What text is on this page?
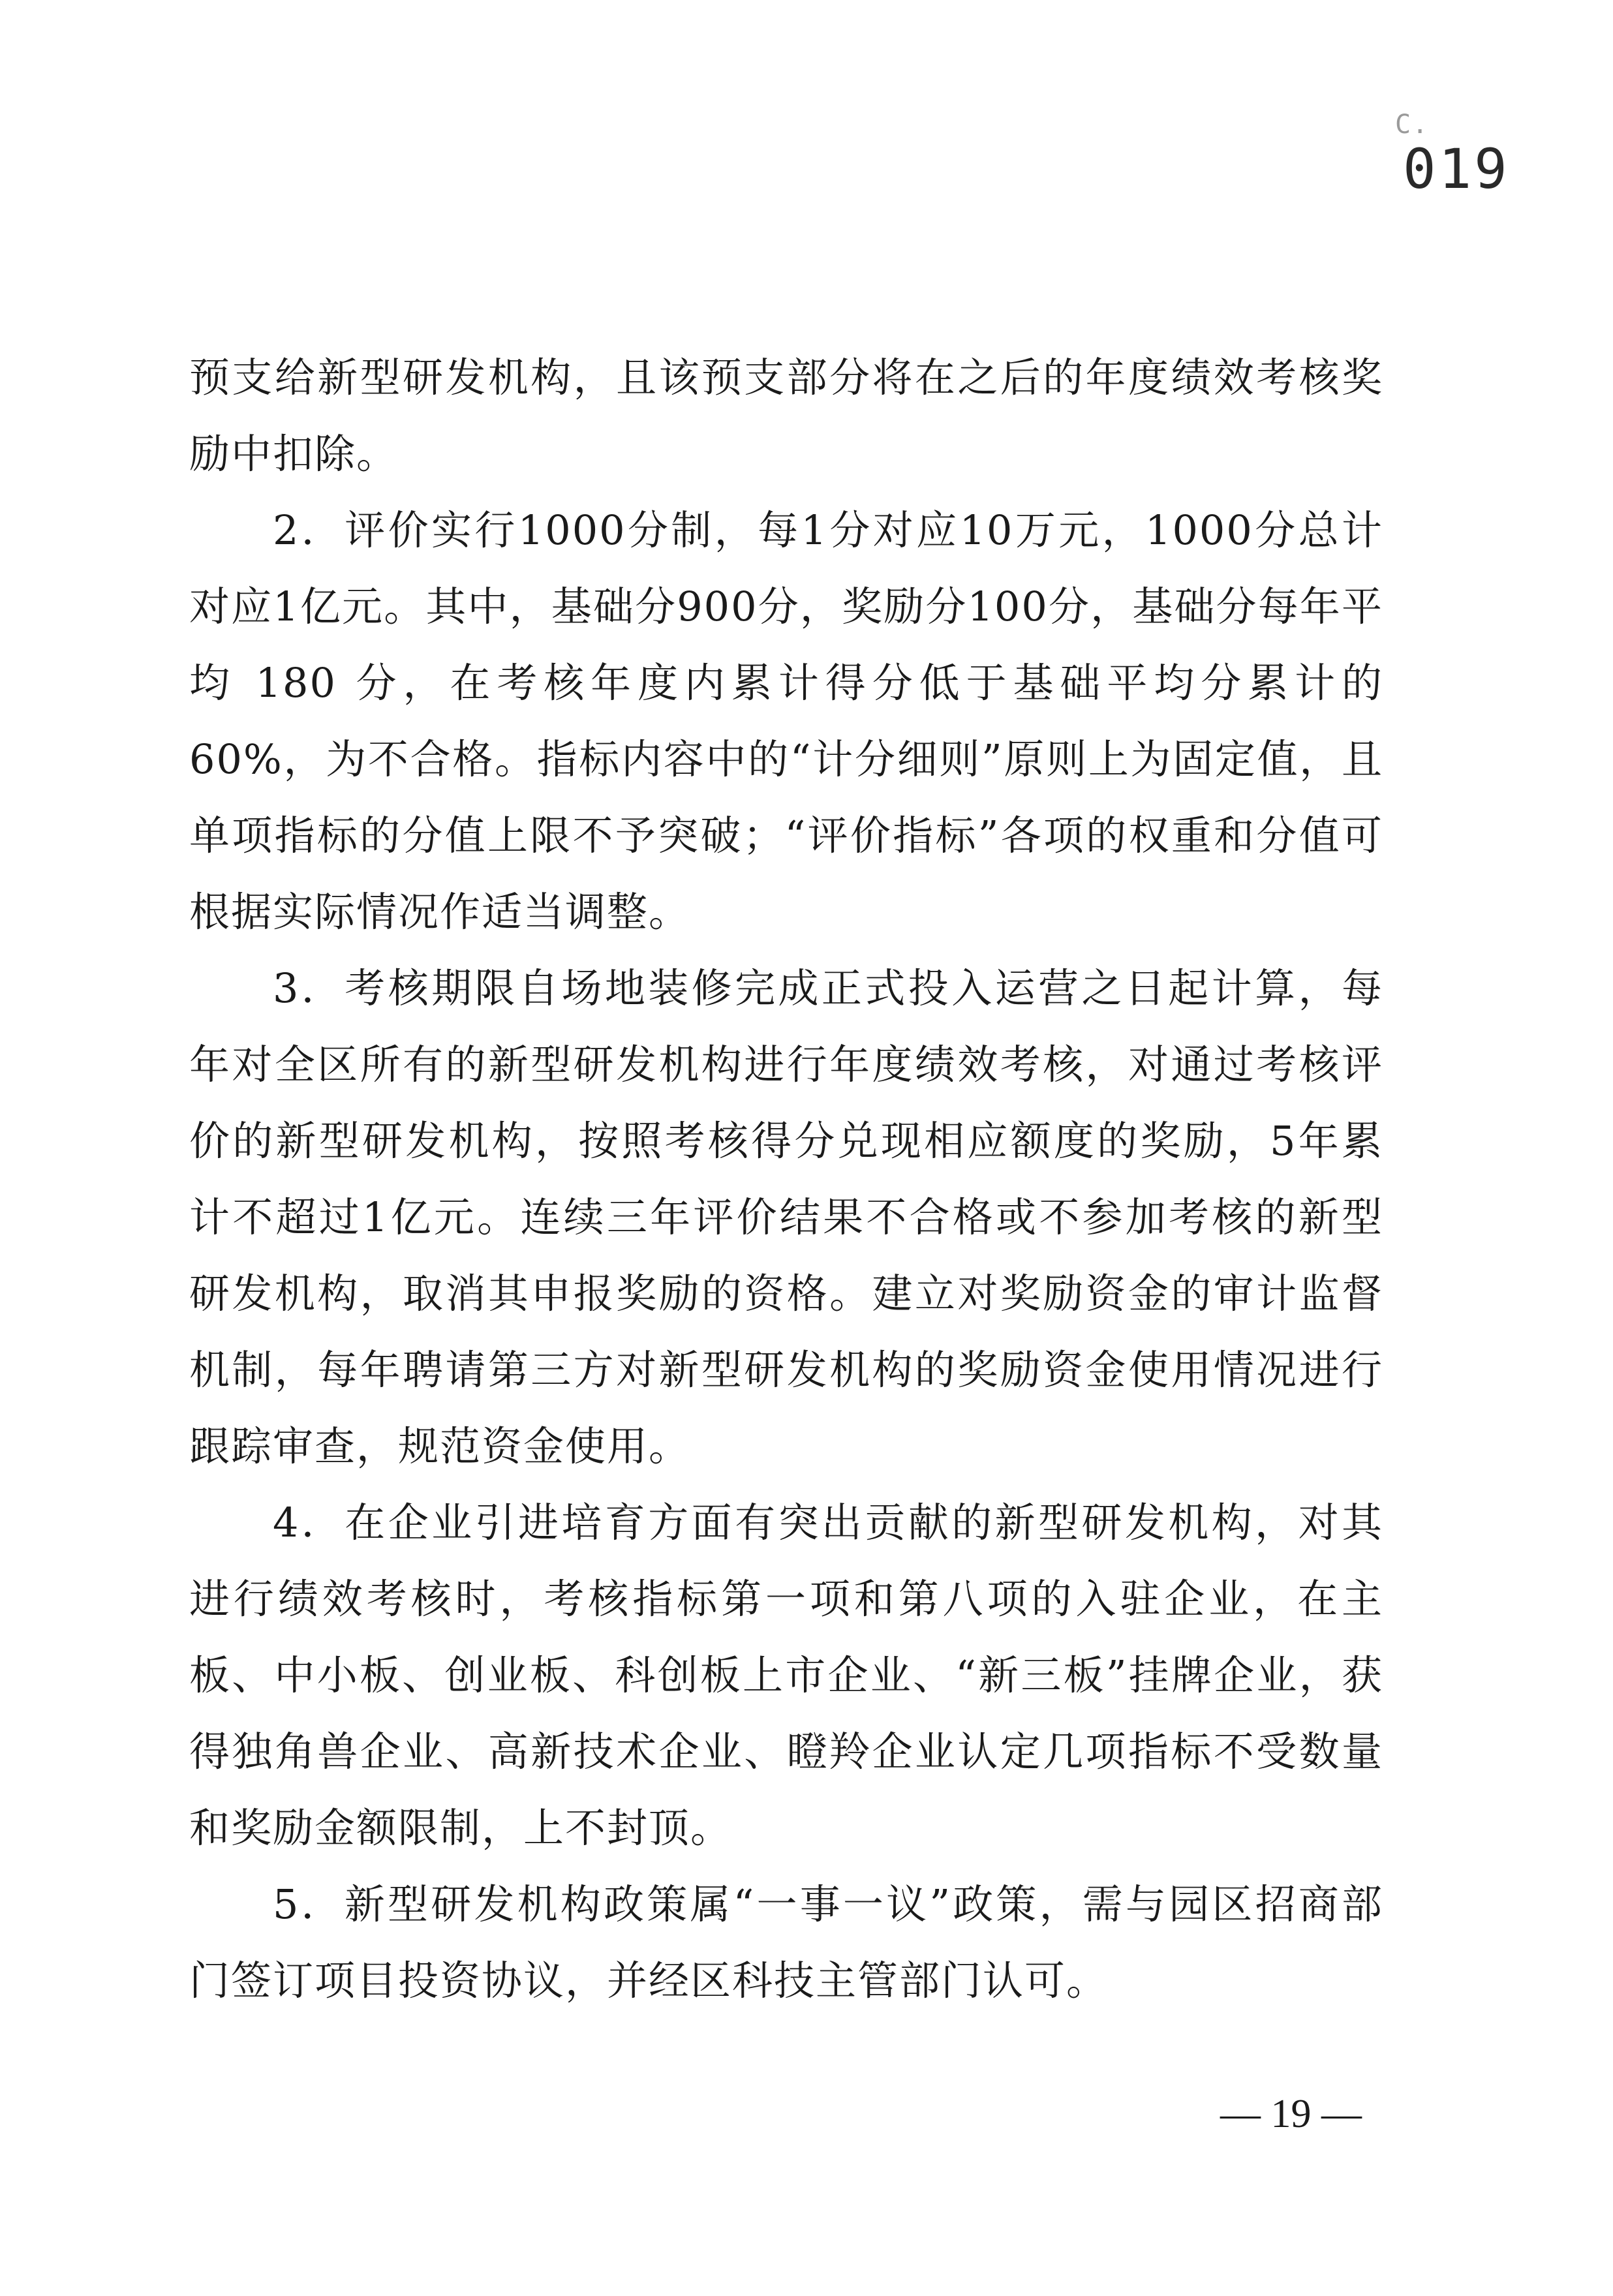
C.
019

预支给新型研发机构，且该预支部分将在之后的年度绩效考核奖励中扣除。

2．评价实行1000分制，每1分对应10万元，1000分总计对应1亿元。其中，基础分900分，奖励分100分，基础分每年平均 180 分，在考核年度内累计得分低于基础平均分累计的60%，为不合格。指标内容中的“计分细则”原则上为固定值，且单项指标的分值上限不予突破；“评价指标”各项的权重和分值可根据实际情况作适当调整。

3．考核期限自场地装修完成正式投入运营之日起计算，每年对全区所有的新型研发机构进行年度绩效考核，对通过考核评价的新型研发机构，按照考核得分兑现相应额度的奖励，5年累计不超过1亿元。连续三年评价结果不合格或不参加考核的新型研发机构，取消其申报奖励的资格。建立对奖励资金的审计监督机制，每年聘请第三方对新型研发机构的奖励资金使用情况进行跟踪审查，规范资金使用。

4．在企业引进培育方面有突出贡献的新型研发机构，对其进行绩效考核时，考核指标第一项和第八项的入驻企业，在主板、中小板、创业板、科创板上市企业、“新三板”挂牌企业，获得独角兽企业、高新技术企业、瞪羚企业认定几项指标不受数量和奖励金额限制，上不封顶。

5．新型研发机构政策属“一事一议”政策，需与园区招商部门签订项目投资协议，并经区科技主管部门认可。

— 19 —
